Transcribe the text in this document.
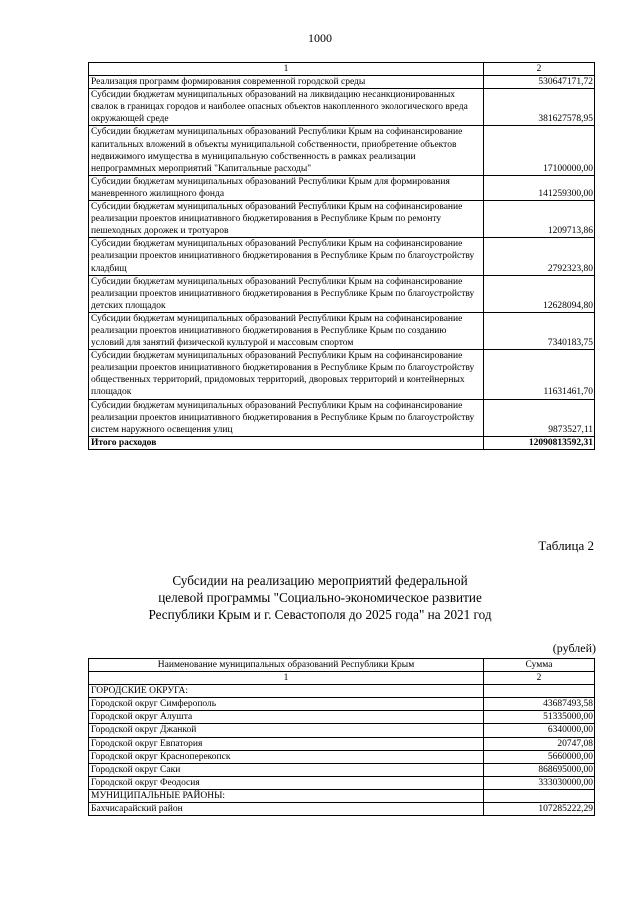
1000
1	2
Реализация программ формирования современной городской среды	530647171,72
Субсидии бюджетам муниципальных образований на ликвидацию несанкционированных свалок в границах городов и наиболее опасных объектов накопленного экологического вреда окружающей среде	381627578,95
Субсидии бюджетам муниципальных образований Республики Крым на софинансирование капитальных вложений в объекты муниципальной собственности, приобретение объектов недвижимого имущества в муниципальную собственность в рамках реализации непрограммных мероприятий "Капитальные расходы"	17100000,00
Субсидии бюджетам муниципальных образований Республики Крым для формирования маневренного жилищного фонда	141259300,00
Субсидии бюджетам муниципальных образований Республики Крым на софинансирование реализации проектов инициативного бюджетирования в Республике Крым по ремонту пешеходных дорожек и тротуаров	1209713,86
Субсидии бюджетам муниципальных образований Республики Крым на софинансирование реализации проектов инициативного бюджетирования в Республике Крым по благоустройству кладбищ	2792323,80
Субсидии бюджетам муниципальных образований Республики Крым на софинансирование реализации проектов инициативного бюджетирования в Республике Крым по благоустройству детских площадок	12628094,80
Субсидии бюджетам муниципальных образований Республики Крым на софинансирование реализации проектов инициативного бюджетирования в Республике Крым по созданию условий для занятий физической культурой и массовым спортом	7340183,75
Субсидии бюджетам муниципальных образований Республики Крым на софинансирование реализации проектов инициативного бюджетирования в Республике Крым по благоустройству общественных территорий, придомовых территорий, дворовых территорий и контейнерных площадок	11631461,70
Субсидии бюджетам муниципальных образований Республики Крым на софинансирование реализации проектов инициативного бюджетирования в Республике Крым по благоустройству систем наружного освещения улиц	9873527,11
Итого расходов	12090813592,31
Таблица 2
Субсидии на реализацию мероприятий федеральной
целевой программы "Социально-экономическое развитие
Республики Крым и г. Севастополя до 2025 года" на 2021 год
(рублей)
Наименование муниципальных образований Республики Крым	Сумма
1	2
ГОРОДСКИЕ ОКРУГА:	
Городской округ Симферополь	43687493,58
Городской округ Алушта	51335000,00
Городской округ Джанкой	6340000,00
Городской округ Евпатория	20747,08
Городской округ Красноперекопск	5660000,00
Городской округ Саки	868695000,00
Городской округ Феодосия	333030000,00
МУНИЦИПАЛЬНЫЕ РАЙОНЫ:	
Бахчисарайский район	107285222,29
